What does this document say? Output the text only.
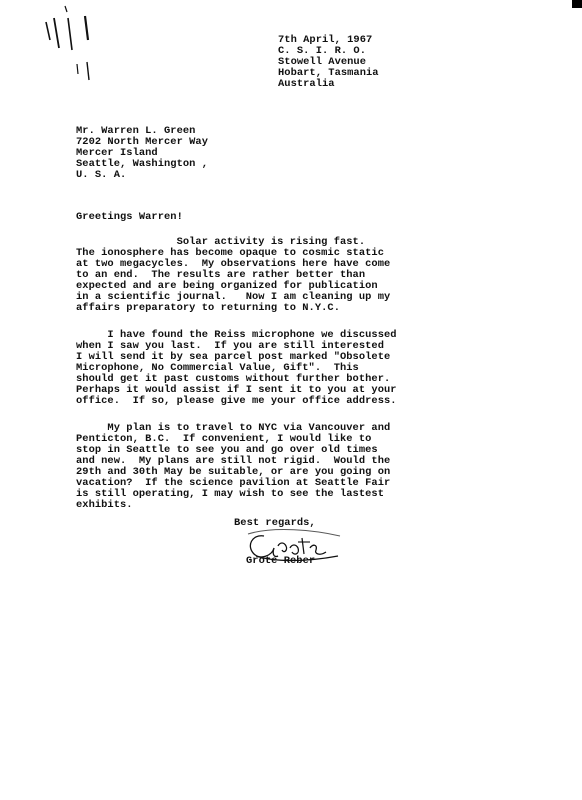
7th April, 1967
C. S. I. R. O.
Stowell Avenue
Hobart, Tasmania
Australia
Mr. Warren L. Green
7202 North Mercer Way
Mercer Island
Seattle, Washington ,
U. S. A.
Greetings Warren!
Solar activity is rising fast.
The ionosphere has become opaque to cosmic static
at two megacycles.  My observations here have come
to an end.  The results are rather better than
expected and are being organized for publication
in a scientific journal.   Now I am cleaning up my
affairs preparatory to returning to N.Y.C.
I have found the Reiss microphone we discussed
when I saw you last.  If you are still interested
I will send it by sea parcel post marked "Obsolete
Microphone, No Commercial Value, Gift".  This
should get it past customs without further bother.
Perhaps it would assist if I sent it to you at your
office.  If so, please give me your office address.
My plan is to travel to NYC via Vancouver and
Penticton, B.C.  If convenient, I would like to
stop in Seattle to see you and go over old times
and new.  My plans are still not rigid.  Would the
29th and 30th May be suitable, or are you going on
vacation?  If the science pavilion at Seattle Fair
is still operating, I may wish to see the lastest
exhibits.
Best regards,
Grote Reber
